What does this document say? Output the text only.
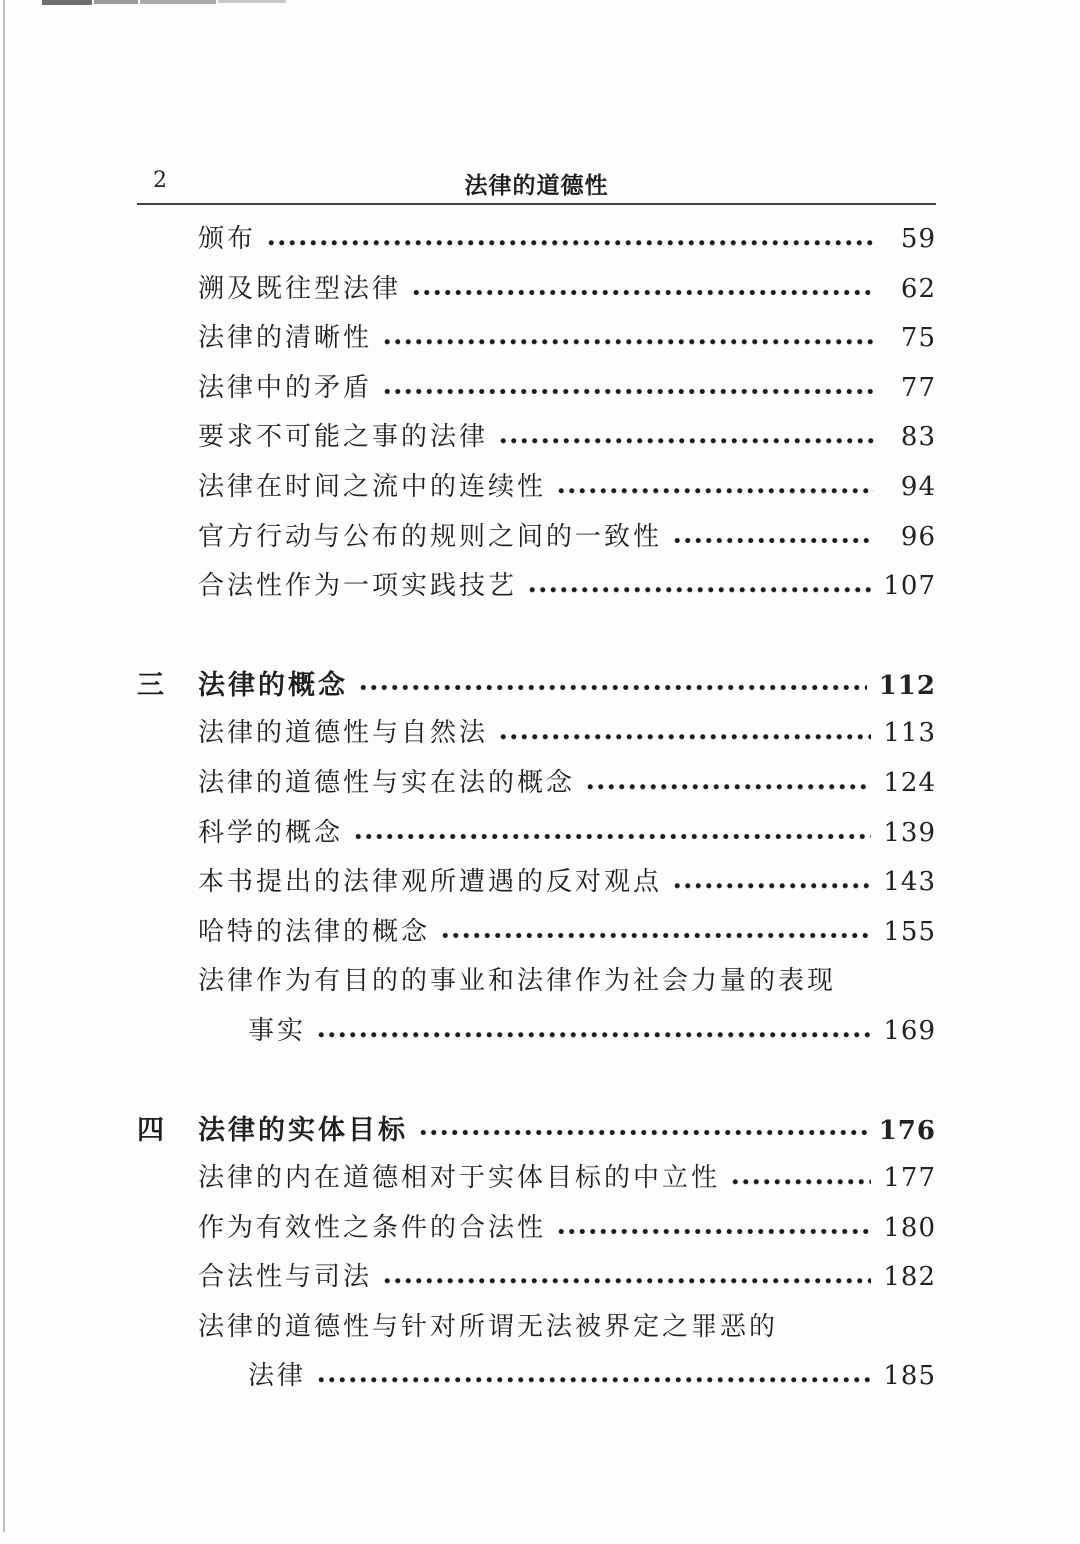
2	法律的道德性
颁布	59
溯及既往型法律	62
法律的清晰性	75
法律中的矛盾	77
要求不可能之事的法律	83
法律在时间之流中的连续性	94
官方行动与公布的规则之间的一致性	96
合法性作为一项实践技艺	107
三	法律的概念	112
法律的道德性与自然法	113
法律的道德性与实在法的概念	124
科学的概念	139
本书提出的法律观所遭遇的反对观点	143
哈特的法律的概念	155
法律作为有目的的事业和法律作为社会力量的表现
事实	169
四	法律的实体目标	176
法律的内在道德相对于实体目标的中立性	177
作为有效性之条件的合法性	180
合法性与司法	182
法律的道德性与针对所谓无法被界定之罪恶的
法律	185
